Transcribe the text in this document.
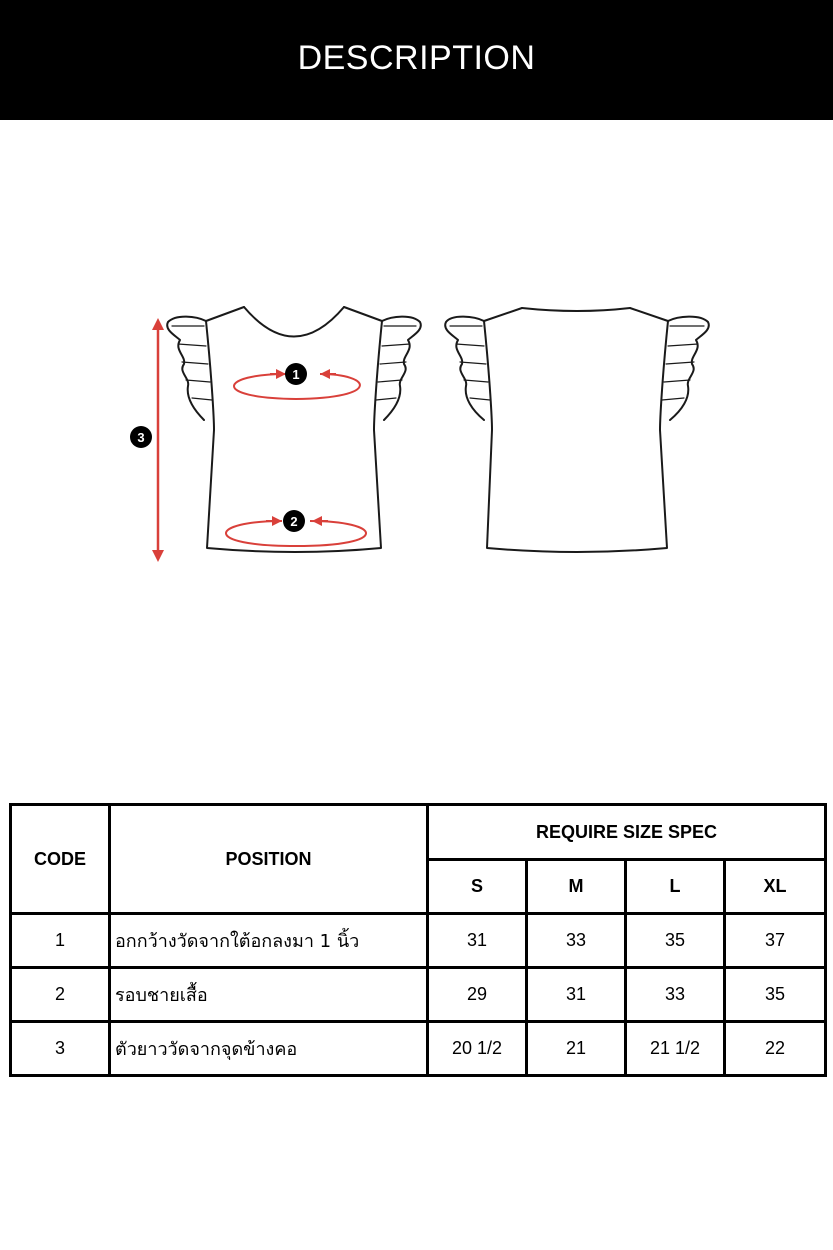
DESCRIPTION
1
2
3
CODE	POSITION	REQUIRE SIZE SPEC			
		S	M	L	XL
1	อกกว้างวัดจากใต้อกลงมา 1 นิ้ว	31	33	35	37
2	รอบชายเสื้อ	29	31	33	35
3	ตัวยาววัดจากจุดข้างคอ	20 1/2	21	21 1/2	22
